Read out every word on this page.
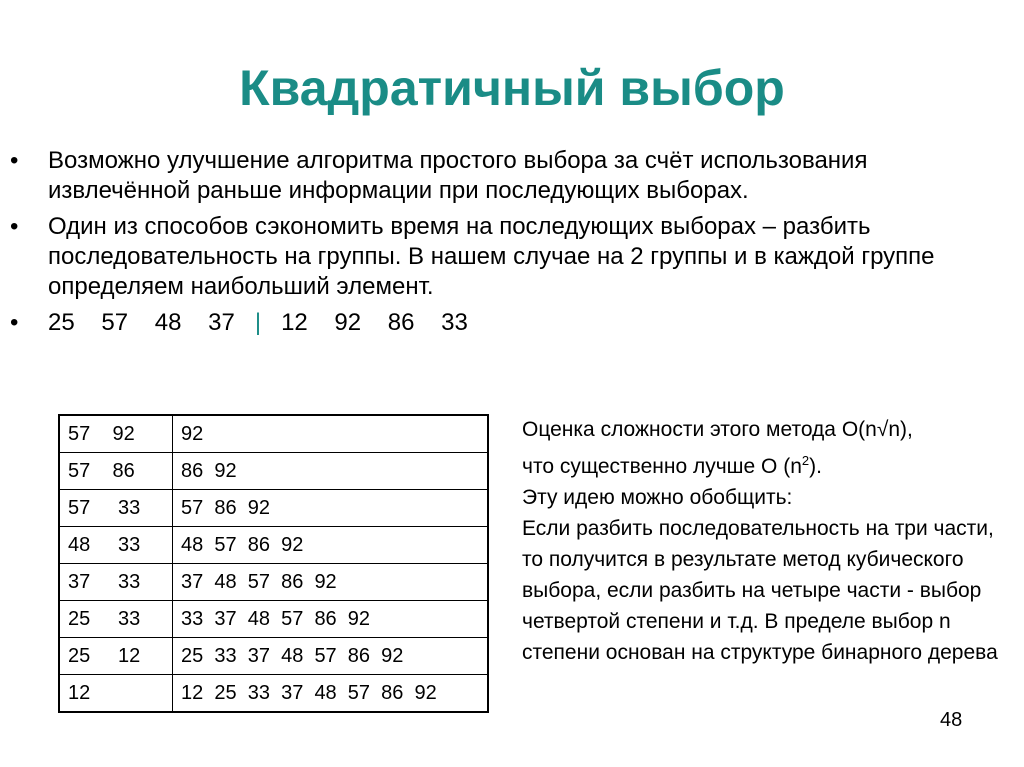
Квадратичный выбор
•	Возможно улучшение алгоритма простого выбора за счёт использования извлечённой раньше информации при последующих выборах.
•	Один из способов сэкономить время на последующих выборах – разбить последовательность на группы. В нашем случае на 2 группы и в каждой группе определяем наибольший элемент.
•	25    57    48    37 | 12    92    86    33
57    92	92
57    86	86  92
57     33	57  86  92
48     33	48  57  86  92
37     33	37  48  57  86  92
25     33	33  37  48  57  86  92
25     12	25  33  37  48  57  86  92
12	12  25  33  37  48  57  86  92

Оценка сложности этого метода O(n√n),

что существенно лучше О $(n^2)$.

Эту идею можно обобщить:

Если разбить последовательность на три части, то получится в результате метод кубического выбора, если разбить на четыре части - выбор четвертой степени и т.д. В пределе выбор n степени основан на структуре бинарного дерева

48
